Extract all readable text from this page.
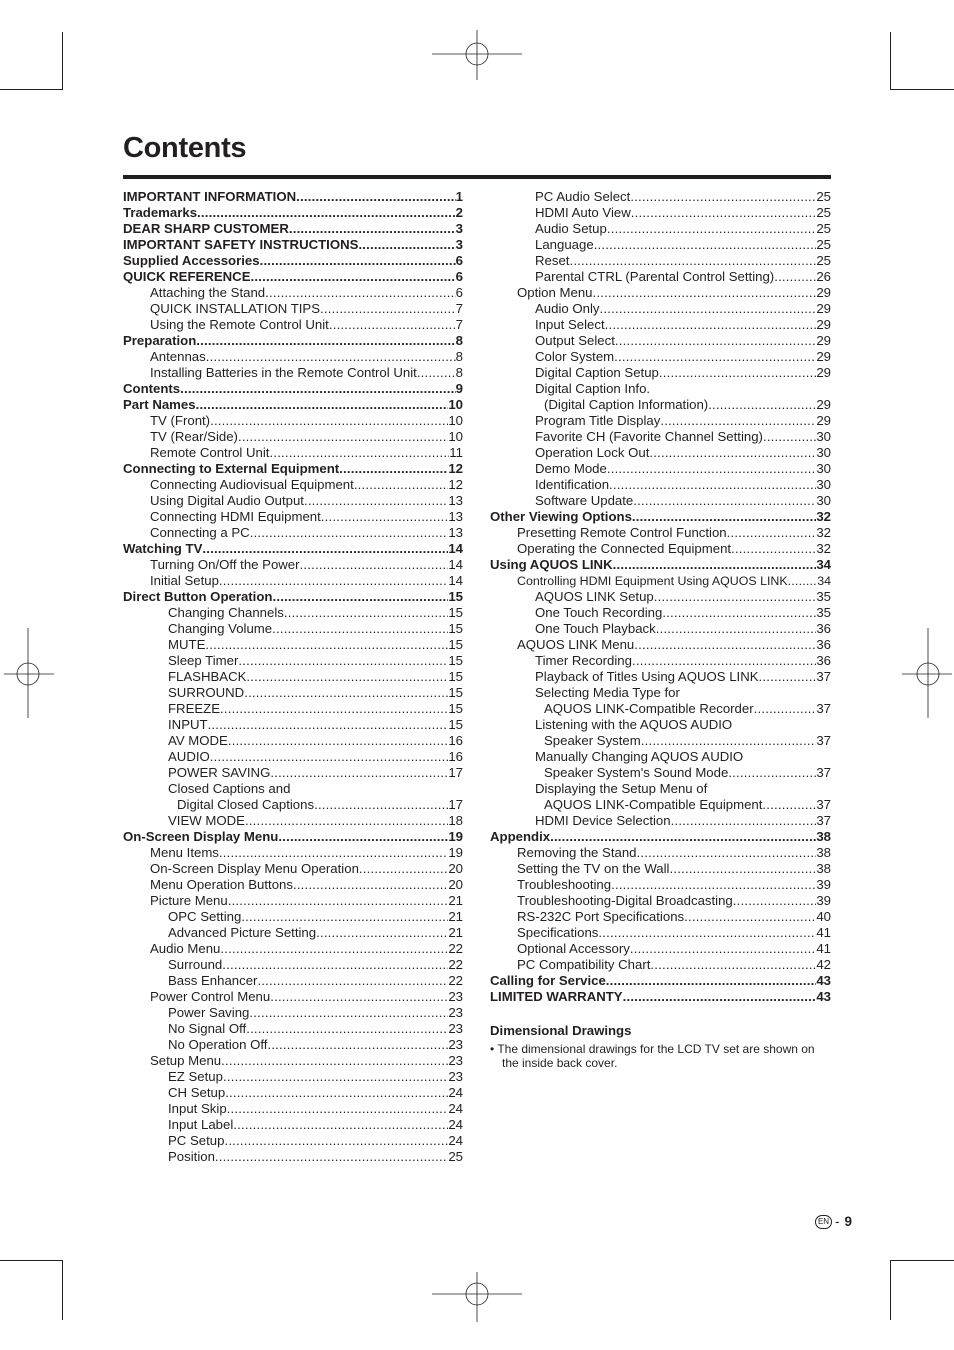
Contents
IMPORTANT INFORMATION .....	1
Trademarks .....	2
DEAR SHARP CUSTOMER .....	3
IMPORTANT SAFETY INSTRUCTIONS .....	3
Supplied Accessories .....	6
QUICK REFERENCE .....	6
Attaching the Stand .....	6
QUICK INSTALLATION TIPS .....	7
Using the Remote Control Unit .....	7
Preparation .....	8
Antennas .....	8
Installing Batteries in the Remote Control Unit .....	8
Contents .....	9
Part Names .....	10
TV (Front) .....	10
TV (Rear/Side) .....	10
Remote Control Unit .....	11
Connecting to External Equipment .....	12
Connecting Audiovisual Equipment .....	12
Using Digital Audio Output .....	13
Connecting HDMI Equipment .....	13
Connecting a PC .....	13
Watching TV .....	14
Turning On/Off the Power .....	14
Initial Setup .....	14
Direct Button Operation .....	15
Changing Channels .....	15
Changing Volume .....	15
MUTE .....	15
Sleep Timer .....	15
FLASHBACK .....	15
SURROUND .....	15
FREEZE .....	15
INPUT .....	15
AV MODE .....	16
AUDIO .....	16
POWER SAVING .....	17
Closed Captions and
Digital Closed Captions .....	17
VIEW MODE .....	18
On-Screen Display Menu .....	19
Menu Items .....	19
On-Screen Display Menu Operation .....	20
Menu Operation Buttons .....	20
Picture Menu .....	21
OPC Setting .....	21
Advanced Picture Setting .....	21
Audio Menu .....	22
Surround .....	22
Bass Enhancer .....	22
Power Control Menu .....	23
Power Saving .....	23
No Signal Off .....	23
No Operation Off .....	23
Setup Menu .....	23
EZ Setup .....	23
CH Setup .....	24
Input Skip .....	24
Input Label .....	24
PC Setup .....	24
Position .....	25
PC Audio Select .....	25
HDMI Auto View .....	25
Audio Setup .....	25
Language .....	25
Reset .....	25
Parental CTRL (Parental Control Setting) .....	26
Option Menu .....	29
Audio Only .....	29
Input Select .....	29
Output Select .....	29
Color System .....	29
Digital Caption Setup .....	29
Digital Caption Info.
(Digital Caption Information) .....	29
Program Title Display .....	29
Favorite CH (Favorite Channel Setting) .....	30
Operation Lock Out .....	30
Demo Mode .....	30
Identification .....	30
Software Update .....	30
Other Viewing Options .....	32
Presetting Remote Control Function .....	32
Operating the Connected Equipment .....	32
Using AQUOS LINK .....	34
Controlling HDMI Equipment Using AQUOS LINK ..... 34
AQUOS LINK Setup .....	35
One Touch Recording .....	35
One Touch Playback .....	36
AQUOS LINK Menu .....	36
Timer Recording .....	36
Playback of Titles Using AQUOS LINK .....	37
Selecting Media Type for
AQUOS LINK-Compatible Recorder .....	37
Listening with the AQUOS AUDIO
Speaker System .....	37
Manually Changing AQUOS AUDIO
Speaker System's Sound Mode .....	37
Displaying the Setup Menu of
AQUOS LINK-Compatible Equipment .....	37
HDMI Device Selection .....	37
Appendix .....	38
Removing the Stand .....	38
Setting the TV on the Wall .....	38
Troubleshooting .....	39
Troubleshooting-Digital Broadcasting .....	39
RS-232C Port Specifications .....	40
Specifications .....	41
Optional Accessory .....	41
PC Compatibility Chart .....	42
Calling for Service .....	43
LIMITED WARRANTY .....	43
Dimensional Drawings

• The dimensional drawings for the LCD TV set are shown on the inside back cover.

EN - 9
